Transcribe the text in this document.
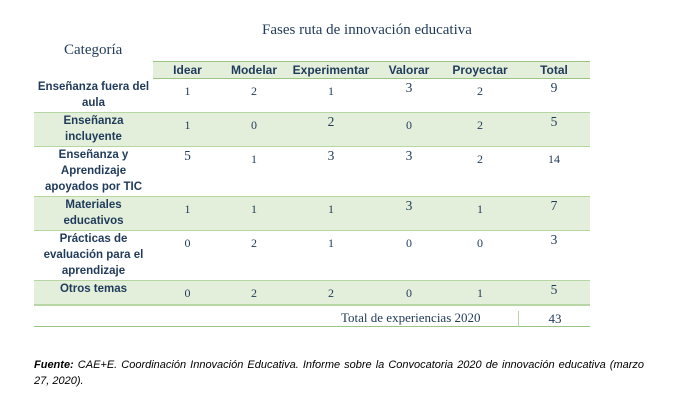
Fases ruta de innovación educativa
Categoría
	Idear	Modelar	Experimentar	Valorar	Proyectar	Total
Enseñanza fuera del aula	1	2	1	3	2	9
Enseñanza incluyente	1	0	2	0	2	5
Enseñanza y Aprendizaje apoyados por TIC	5	1	3	3	2	14
Materiales educativos	1	1	1	3	1	7
Prácticas de evaluación para el aprendizaje	0	2	1	0	0	3
Otros temas	0	2	2	0	1	5
Total de experiencias 2020	43
Fuente: CAE+E. Coordinación Innovación Educativa. Informe sobre la Convocatoria 2020 de innovación educativa (marzo 27, 2020).
